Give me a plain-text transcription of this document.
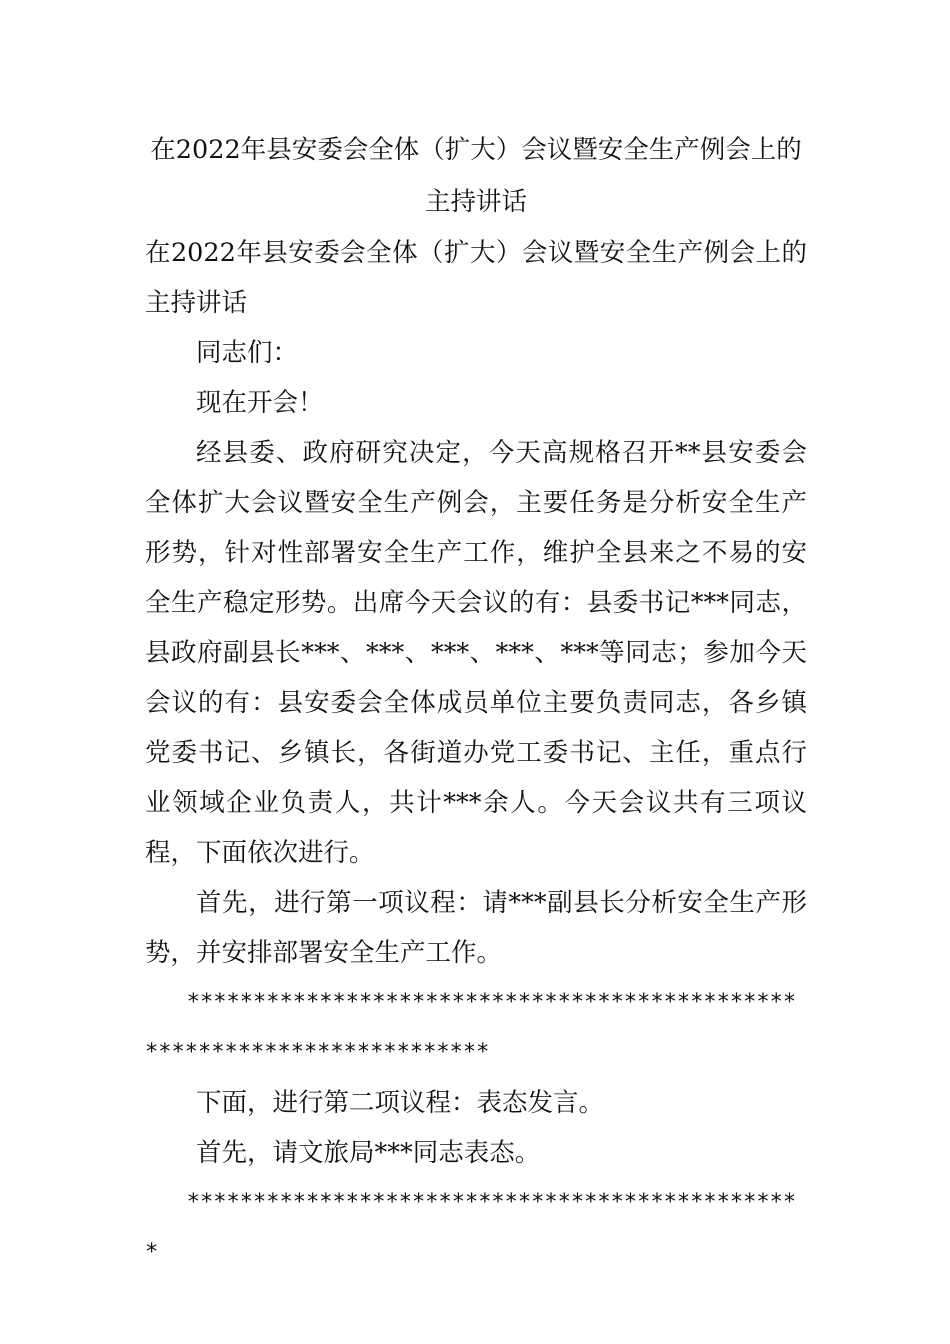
在2022年县安委会全体（扩大）会议暨安全生产例会上的
主持讲话

在2022年县安委会全体（扩大）会议暨安全生产例会上的主持讲话

同志们：

现在开会！

经县委、政府研究决定，今天高规格召开**县安委会全体扩大会议暨安全生产例会，主要任务是分析安全生产形势，针对性部署安全生产工作，维护全县来之不易的安全生产稳定形势。出席今天会议的有：县委书记***同志，县政府副县长***、***、***、***、***等同志；参加今天会议的有：县安委会全体成员单位主要负责同志，各乡镇党委书记、乡镇长，各街道办党工委书记、主任，重点行业领域企业负责人，共计***余人。今天会议共有三项议程，下面依次进行。

首先，进行第一项议程：请***副县长分析安全生产形势，并安排部署安全生产工作。

************************************************************************

下面，进行第二项议程：表态发言。

首先，请文旅局***同志表态。

***********************************************
